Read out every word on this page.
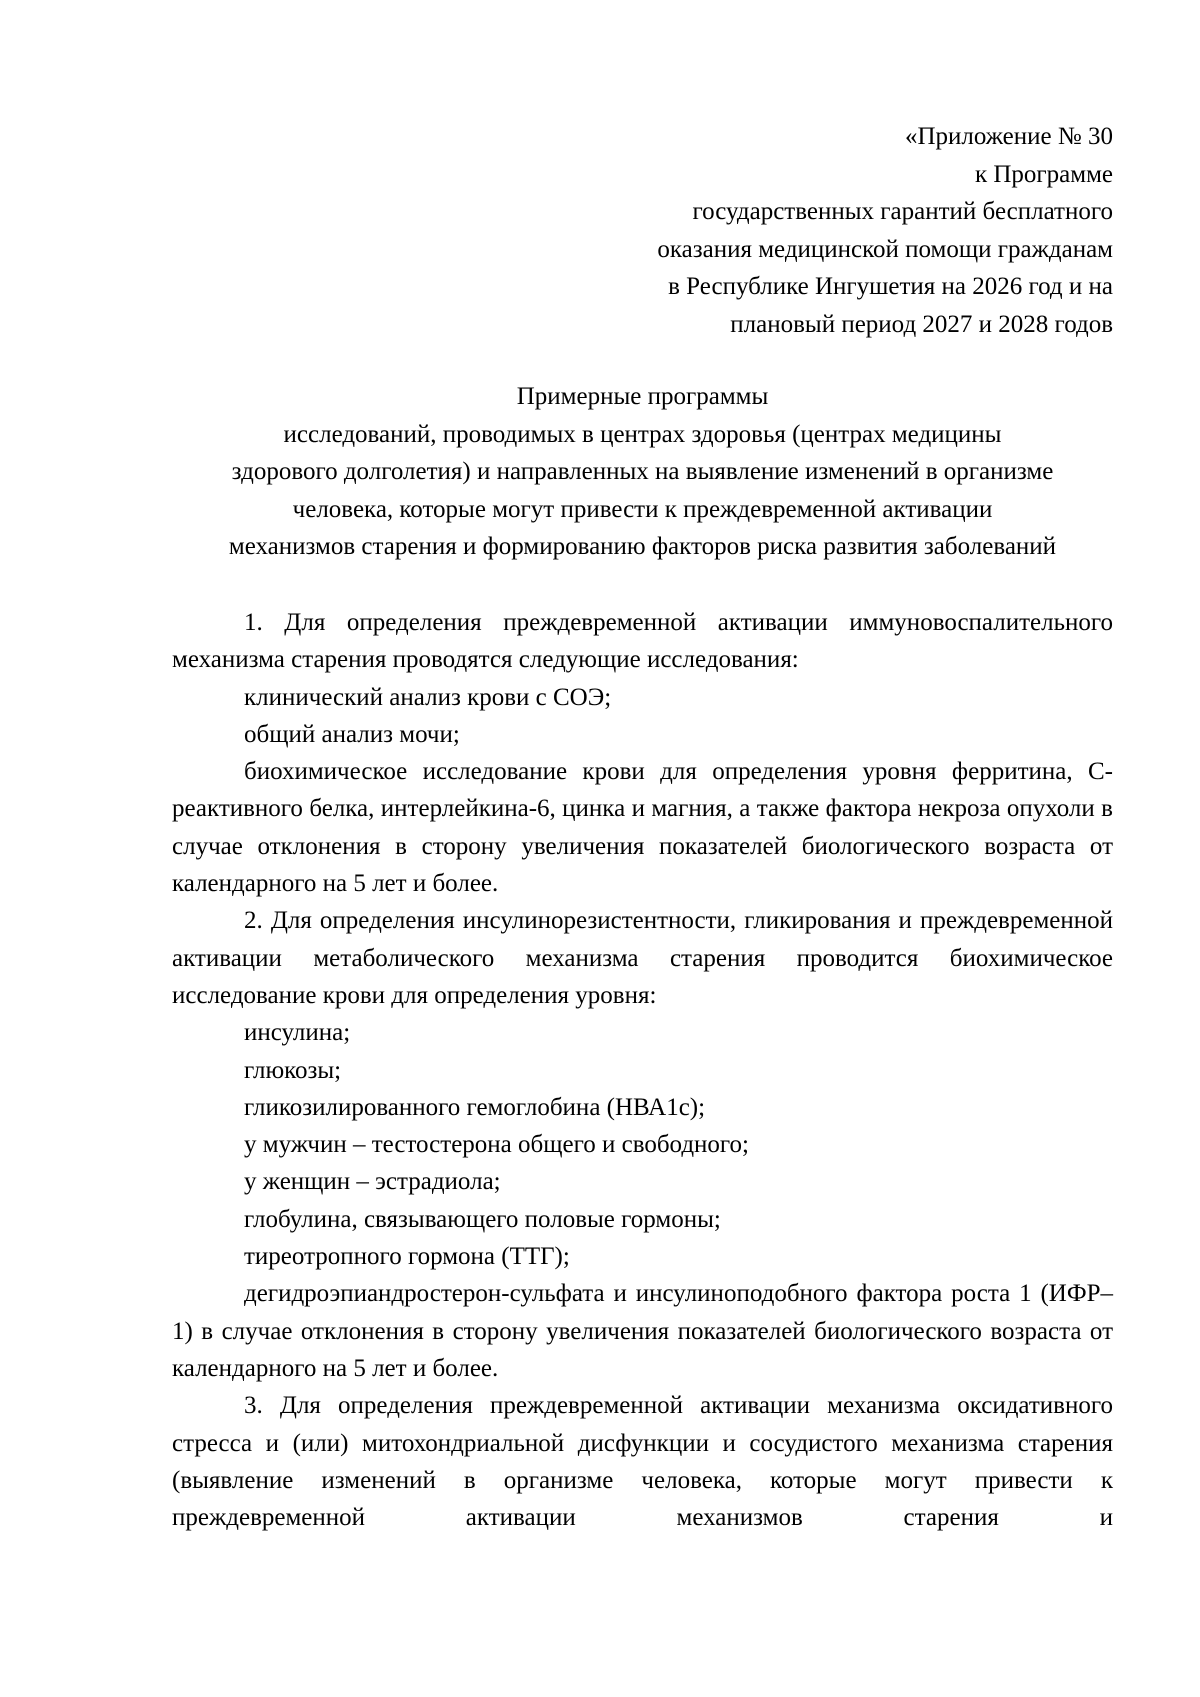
«Приложение № 30
к Программе
государственных гарантий бесплатного
оказания медицинской помощи гражданам
в Республике Ингушетия на 2026 год и на
плановый период 2027 и 2028 годов
Примерные программы
исследований, проводимых в центрах здоровья (центрах медицины
здорового долголетия) и направленных на выявление изменений в организме
человека, которые могут привести к преждевременной активации
механизмов старения и формированию факторов риска развития заболеваний

1. Для определения преждевременной активации иммуновоспалительного механизма старения проводятся следующие исследования:

клинический анализ крови с СОЭ;

общий анализ мочи;

биохимическое исследование крови для определения уровня ферритина, С-реактивного белка, интерлейкина-6, цинка и магния, а также фактора некроза опухоли в случае отклонения в сторону увеличения показателей биологического возраста от календарного на 5 лет и более.

2. Для определения инсулинорезистентности, гликирования и преждевременной активации метаболического механизма старения проводится биохимическое исследование крови для определения уровня:

инсулина;

глюкозы;

гликозилированного гемоглобина (НВА1с);

у мужчин – тестостерона общего и свободного;

у женщин – эстрадиола;

глобулина, связывающего половые гормоны;

тиреотропного гормона (ТТГ);

дегидроэпиандростерон-сульфата и инсулиноподобного фактора роста 1 (ИФР–1) в случае отклонения в сторону увеличения показателей биологического возраста от календарного на 5 лет и более.

3. Для определения преждевременной активации механизма оксидативного стресса и (или) митохондриальной дисфункции и сосудистого механизма старения (выявление изменений в организме человека, которые могут привести к преждевременной активации механизмов старения и
